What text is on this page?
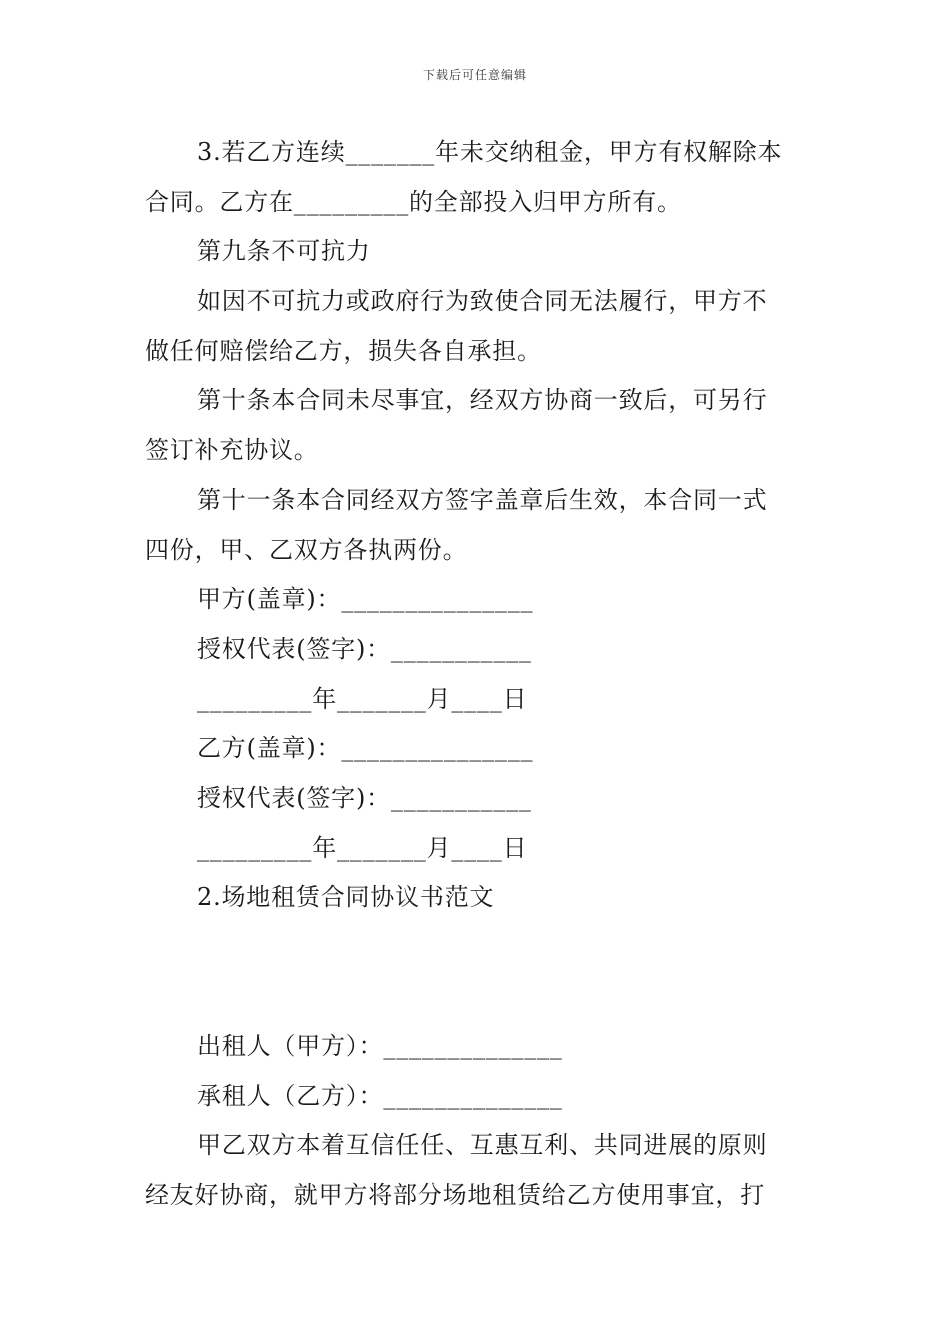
下载后可任意编辑
3.若乙方连续_______年未交纳租金，甲方有权解除本
合同。乙方在_________的全部投入归甲方所有。
第九条不可抗力
如因不可抗力或政府行为致使合同无法履行，甲方不
做任何赔偿给乙方，损失各自承担。
第十条本合同未尽事宜，经双方协商一致后，可另行
签订补充协议。
第十一条本合同经双方签字盖章后生效，本合同一式
四份，甲、乙双方各执两份。
甲方(盖章)：_______________
授权代表(签字)：___________
_________年_______月____日
乙方(盖章)：_______________
授权代表(签字)：___________
_________年_______月____日
2.场地租赁合同协议书范文
出租人（甲方）：______________
承租人（乙方）：______________
甲乙双方本着互信任任、互惠互利、共同进展的原则
经友好协商，就甲方将部分场地租赁给乙方使用事宜，打
